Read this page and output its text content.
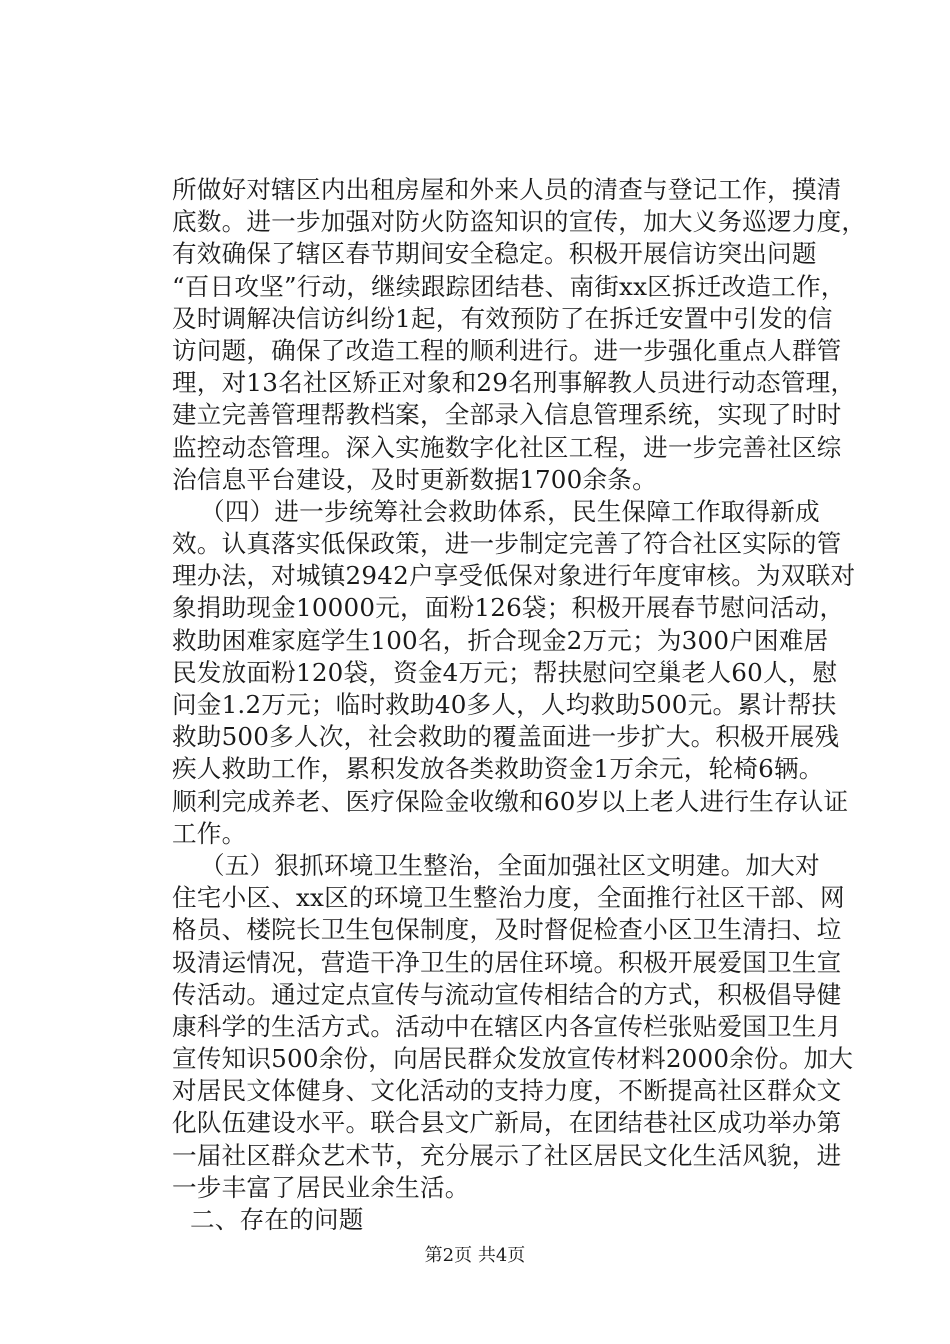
所做好对辖区内出租房屋和外来人员的清查与登记工作，摸清
底数。进一步加强对防火防盗知识的宣传，加大义务巡逻力度，
有效确保了辖区春节期间安全稳定。积极开展信访突出问题
“百日攻坚”行动，继续跟踪团结巷、南街xx区拆迁改造工作，
及时调解决信访纠纷1起，有效预防了在拆迁安置中引发的信
访问题，确保了改造工程的顺利进行。进一步强化重点人群管
理，对13名社区矫正对象和29名刑事解教人员进行动态管理，
建立完善管理帮教档案，全部录入信息管理系统，实现了时时
监控动态管理。深入实施数字化社区工程，进一步完善社区综
治信息平台建设，及时更新数据1700余条。
（四）进一步统筹社会救助体系，民生保障工作取得新成
效。认真落实低保政策，进一步制定完善了符合社区实际的管
理办法，对城镇2942户享受低保对象进行年度审核。为双联对
象捐助现金10000元，面粉126袋；积极开展春节慰问活动，
救助困难家庭学生100名，折合现金2万元；为300户困难居
民发放面粉120袋，资金4万元；帮扶慰问空巢老人60人，慰
问金1.2万元；临时救助40多人，人均救助500元。累计帮扶
救助500多人次，社会救助的覆盖面进一步扩大。积极开展残
疾人救助工作，累积发放各类救助资金1万余元，轮椅6辆。
顺利完成养老、医疗保险金收缴和60岁以上老人进行生存认证
工作。
（五）狠抓环境卫生整治，全面加强社区文明建。加大对
住宅小区、xx区的环境卫生整治力度，全面推行社区干部、网
格员、楼院长卫生包保制度，及时督促检查小区卫生清扫、垃
圾清运情况，营造干净卫生的居住环境。积极开展爱国卫生宣
传活动。通过定点宣传与流动宣传相结合的方式，积极倡导健
康科学的生活方式。活动中在辖区内各宣传栏张贴爱国卫生月
宣传知识500余份，向居民群众发放宣传材料2000余份。加大
对居民文体健身、文化活动的支持力度，不断提高社区群众文
化队伍建设水平。联合县文广新局，在团结巷社区成功举办第
一届社区群众艺术节，充分展示了社区居民文化生活风貌，进
一步丰富了居民业余生活。
二、存在的问题
第2页 共4页
